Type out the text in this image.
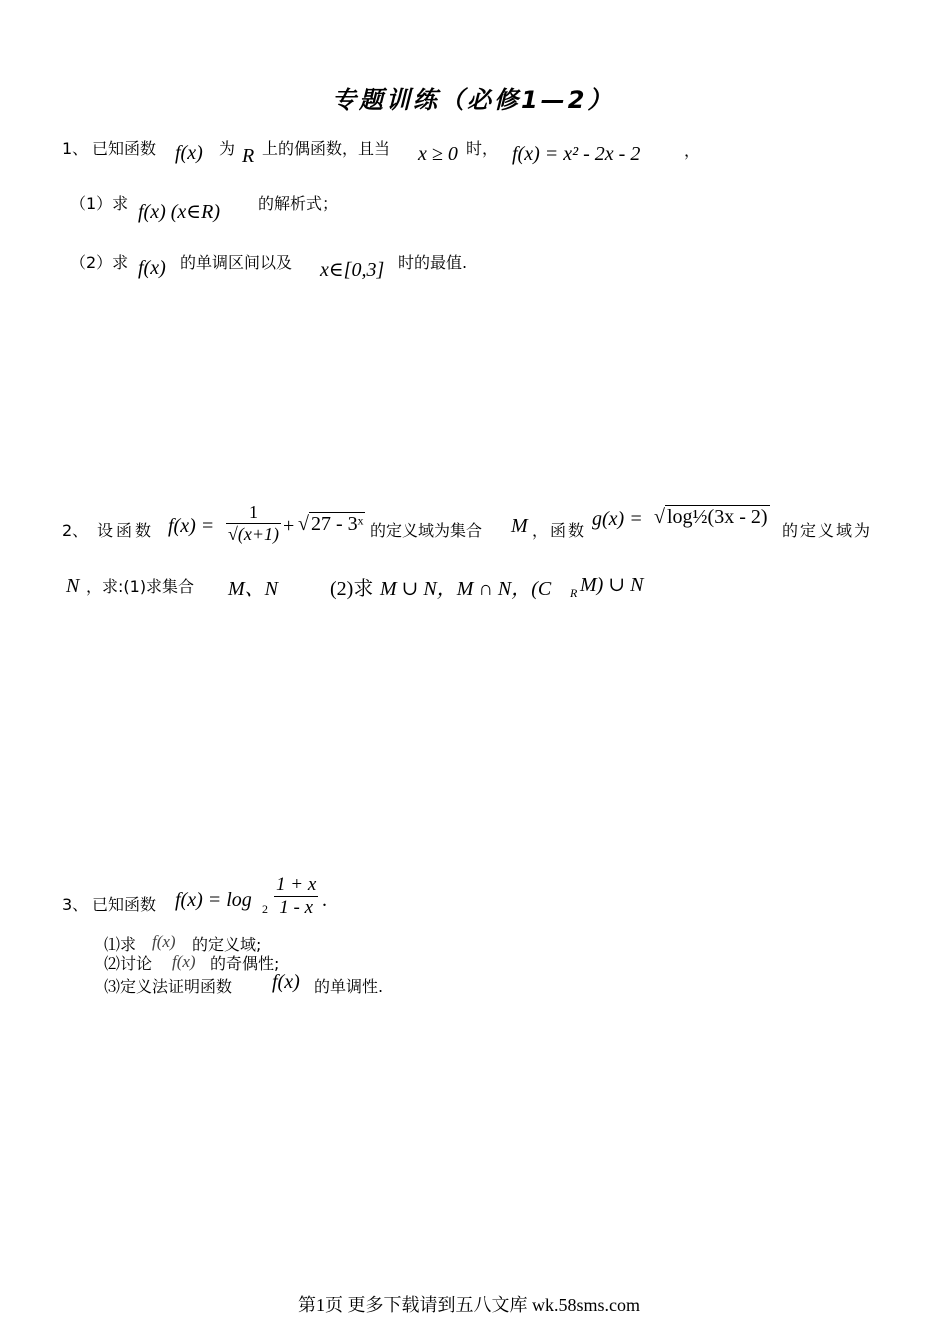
专题训练（必修1—2）
1、 已知函数 f(x) 为 R 上的偶函数，且当 x ≥ 0 时， f(x) = x² - 2x - 2	，
（1）求 f(x) (x∈R) 的解析式；
（2）求 f(x) 的单调区间以及 x∈[0,3] 时的最值.
2、 设函数 $f(x) = \frac{1}{√(x+1)}$ + √ 27 - 3ˣ 的定义域为集合 M ，函数
g(x) = √ log½(3x - 2)
的定义域为
N ，求:(1)求集合 M、N	(2)求 M ∪ N，M ∩ N，(C R M) ∪ N
3、 已知函数 $f(x) = \log 2 \frac{1 + x}{1 - x}$ .
⑴求 f(x) 的定义域;
⑵讨论 f(x) 的奇偶性;
⑶定义法证明函数 f(x) 的单调性.
第1页 更多下载请到五八文库 wk.58sms.com
